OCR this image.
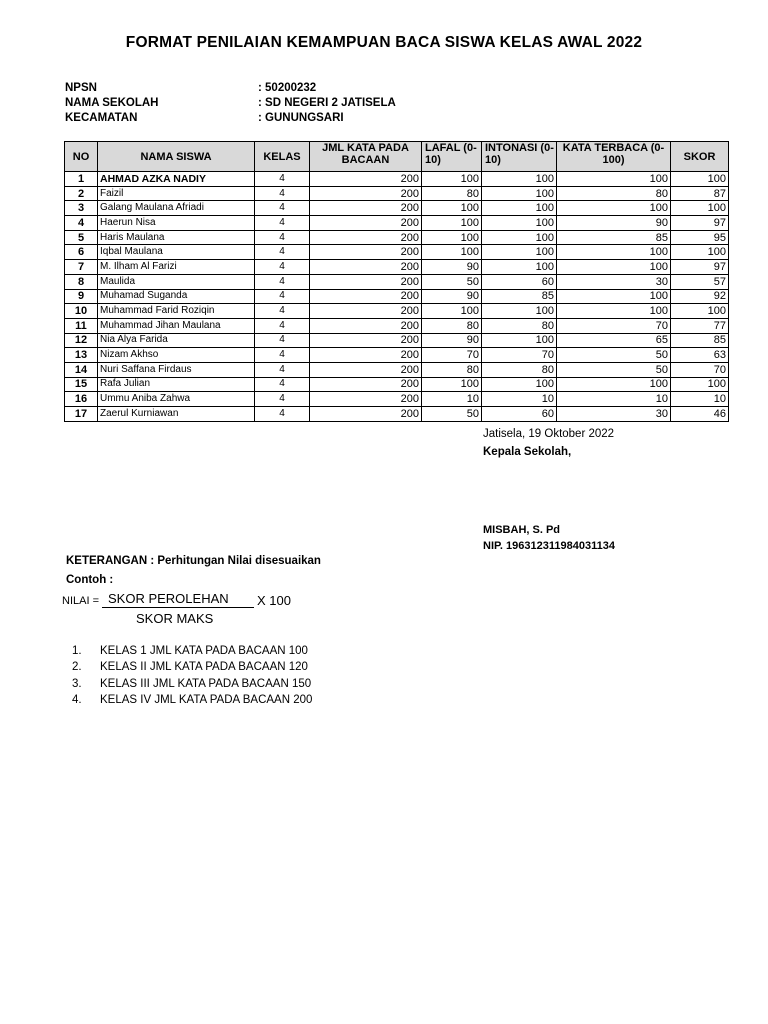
FORMAT PENILAIAN KEMAMPUAN BACA SISWA KELAS AWAL 2022
NPSN	: 50200232
NAMA SEKOLAH	: SD NEGERI 2 JATISELA
KECAMATAN	: GUNUNGSARI
NO	NAMA SISWA	KELAS	JML KATA PADA BACAAN	LAFAL (0-10)	INTONASI (0-10)	KATA TERBACA (0-100)	SKOR
1	AHMAD AZKA NADIY	4	200	100	100	100	100
2	Faizil	4	200	80	100	80	87
3	Galang Maulana Afriadi	4	200	100	100	100	100
4	Haerun Nisa	4	200	100	100	90	97
5	Haris Maulana	4	200	100	100	85	95
6	Iqbal Maulana	4	200	100	100	100	100
7	M. Ilham Al Farizi	4	200	90	100	100	97
8	Maulida	4	200	50	60	30	57
9	Muhamad Suganda	4	200	90	85	100	92
10	Muhammad Farid Roziqin	4	200	100	100	100	100
11	Muhammad Jihan Maulana	4	200	80	80	70	77
12	Nia Alya Farida	4	200	90	100	65	85
13	Nizam Akhso	4	200	70	70	50	63
14	Nuri Saffana Firdaus	4	200	80	80	50	70
15	Rafa Julian	4	200	100	100	100	100
16	Ummu Aniba Zahwa	4	200	10	10	10	10
17	Zaerul Kurniawan	4	200	50	60	30	46
Jatisela, 19 Oktober 2022
Kepala Sekolah,
MISBAH, S. Pd
NIP. 196312311984031134
KETERANGAN : Perhitungan Nilai disesuaikan
Contoh :
NILAI = SKOR PEROLEHAN
SKOR MAKS
X 100
1. KELAS 1 JML KATA PADA BACAAN 100
2. KELAS II JML KATA PADA BACAAN 120
3. KELAS III JML KATA PADA BACAAN 150
4. KELAS IV JML KATA PADA BACAAN 200
